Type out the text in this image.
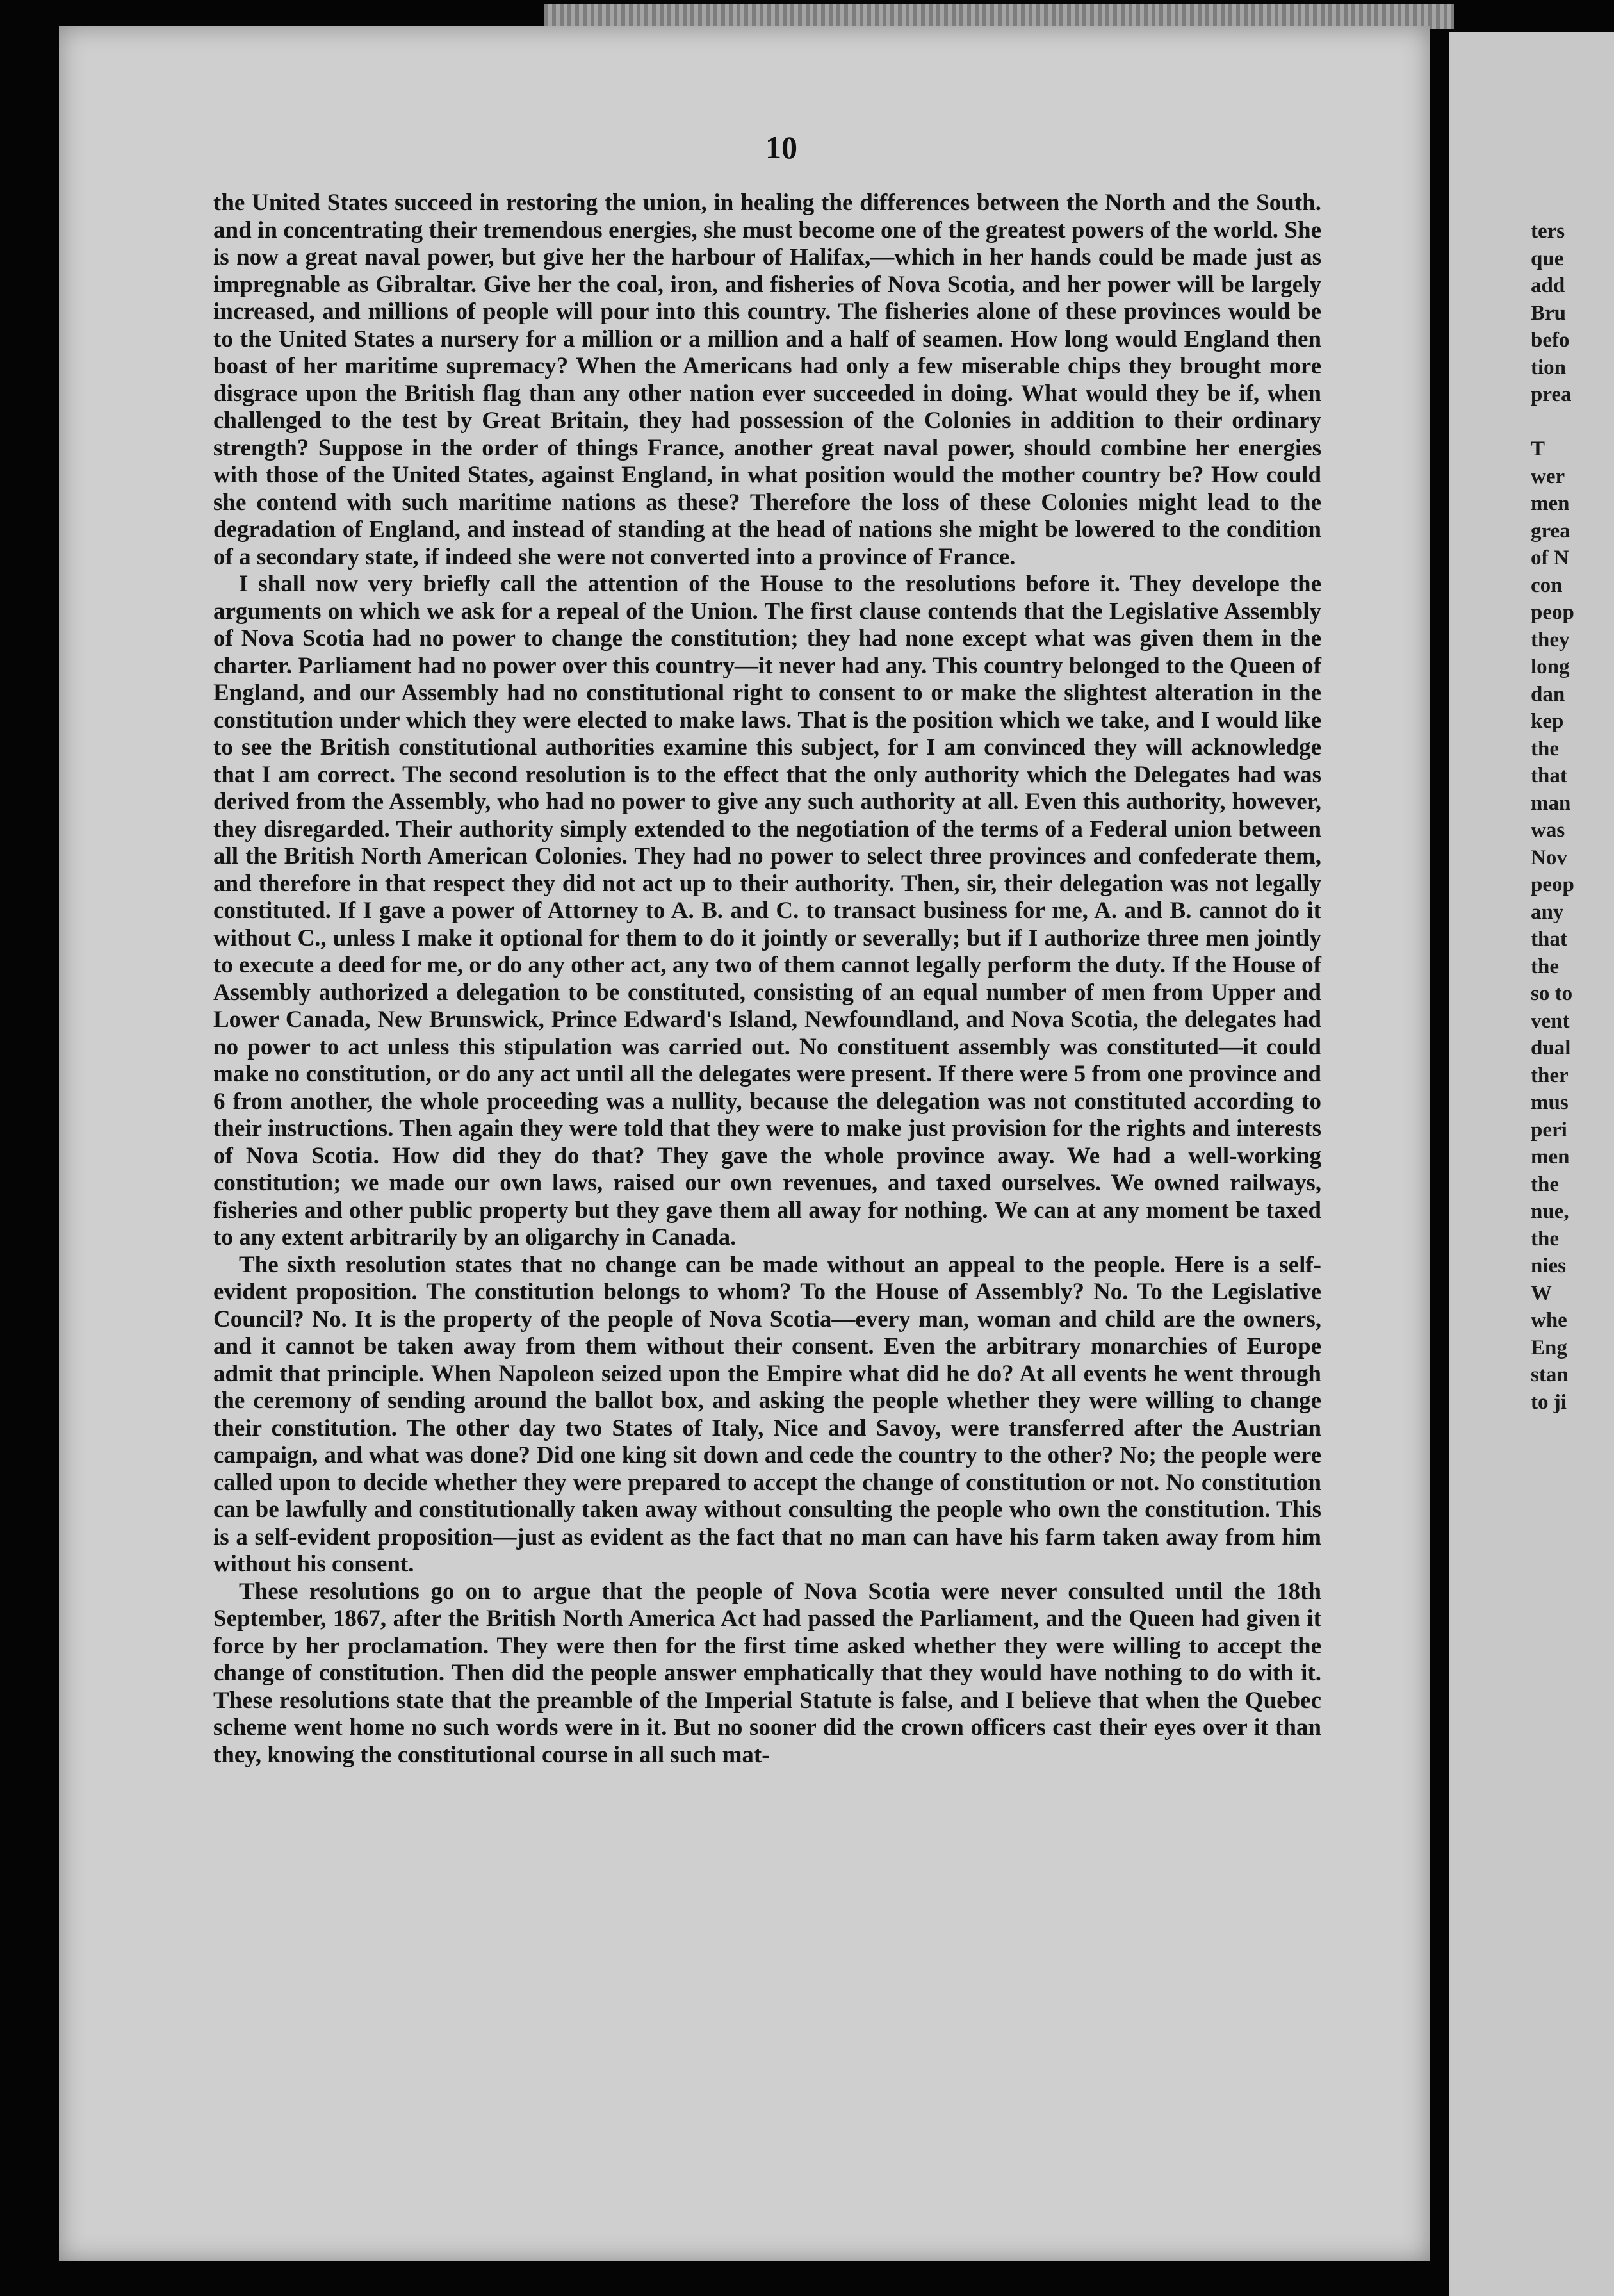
10

the United States succeed in restoring the union, in healing the differences between the North and the South. and in concentrating their tremendous energies, she must become one of the greatest powers of the world. She is now a great naval power, but give her the harbour of Halifax,—which in her hands could be made just as impregnable as Gibraltar. Give her the coal, iron, and fisheries of Nova Scotia, and her power will be largely increased, and millions of people will pour into this country. The fisheries alone of these provinces would be to the United States a nursery for a million or a million and a half of seamen. How long would England then boast of her maritime supremacy? When the Americans had only a few miserable chips they brought more disgrace upon the British flag than any other nation ever succeeded in doing. What would they be if, when challenged to the test by Great Britain, they had possession of the Colonies in addition to their ordinary strength? Suppose in the order of things France, another great naval power, should combine her energies with those of the United States, against England, in what position would the mother country be? How could she contend with such maritime nations as these? Therefore the loss of these Colonies might lead to the degradation of England, and instead of standing at the head of nations she might be lowered to the condition of a secondary state, if indeed she were not converted into a province of France.

I shall now very briefly call the attention of the House to the resolutions before it. They develope the arguments on which we ask for a repeal of the Union. The first clause contends that the Legislative Assembly of Nova Scotia had no power to change the constitution; they had none except what was given them in the charter. Parliament had no power over this country—it never had any. This country belonged to the Queen of England, and our Assembly had no constitutional right to consent to or make the slightest alteration in the constitution under which they were elected to make laws. That is the position which we take, and I would like to see the British constitutional authorities examine this subject, for I am convinced they will acknowledge that I am correct. The second resolution is to the effect that the only authority which the Delegates had was derived from the Assembly, who had no power to give any such authority at all. Even this authority, however, they disregarded. Their authority simply extended to the negotiation of the terms of a Federal union between all the British North American Colonies. They had no power to select three provinces and confederate them, and therefore in that respect they did not act up to their authority. Then, sir, their delegation was not legally constituted. If I gave a power of Attorney to A. B. and C. to transact business for me, A. and B. cannot do it without C., unless I make it optional for them to do it jointly or severally; but if I authorize three men jointly to execute a deed for me, or do any other act, any two of them cannot legally perform the duty. If the House of Assembly authorized a delegation to be constituted, consisting of an equal number of men from Upper and Lower Canada, New Brunswick, Prince Edward's Island, Newfoundland, and Nova Scotia, the delegates had no power to act unless this stipulation was carried out. No constituent assembly was constituted—it could make no constitution, or do any act until all the delegates were present. If there were 5 from one province and 6 from another, the whole proceeding was a nullity, because the delegation was not constituted according to their instructions. Then again they were told that they were to make just provision for the rights and interests of Nova Scotia. How did they do that? They gave the whole province away. We had a well-working constitution; we made our own laws, raised our own revenues, and taxed ourselves. We owned railways, fisheries and other public property but they gave them all away for nothing. We can at any moment be taxed to any extent arbitrarily by an oligarchy in Canada.

The sixth resolution states that no change can be made without an appeal to the people. Here is a self-evident proposition. The constitution belongs to whom? To the House of Assembly? No. To the Legislative Council? No. It is the property of the people of Nova Scotia—every man, woman and child are the owners, and it cannot be taken away from them without their consent. Even the arbitrary monarchies of Europe admit that principle. When Napoleon seized upon the Empire what did he do? At all events he went through the ceremony of sending around the ballot box, and asking the people whether they were willing to change their constitution. The other day two States of Italy, Nice and Savoy, were transferred after the Austrian campaign, and what was done? Did one king sit down and cede the country to the other? No; the people were called upon to decide whether they were prepared to accept the change of constitution or not. No constitution can be lawfully and constitutionally taken away without consulting the people who own the constitution. This is a self-evident proposition—just as evident as the fact that no man can have his farm taken away from him without his consent.

These resolutions go on to argue that the people of Nova Scotia were never consulted until the 18th September, 1867, after the British North America Act had passed the Parliament, and the Queen had given it force by her proclamation. They were then for the first time asked whether they were willing to accept the change of constitution. Then did the people answer emphatically that they would have nothing to do with it. These resolutions state that the preamble of the Imperial Statute is false, and I believe that when the Quebec scheme went home no such words were in it. But no sooner did the crown officers cast their eyes over it than they, knowing the constitutional course in all such mat-

ters
que
add
Bru
befo
tion
prea
T
wer
men
grea
of N
con
peop
they
long
dan
kep
the
that
man
was
Nov
peop
any
that
the
so to
vent
dual
ther
mus
peri
men
the
nue,
the
nies
W
whe
Eng
stan
to ji
